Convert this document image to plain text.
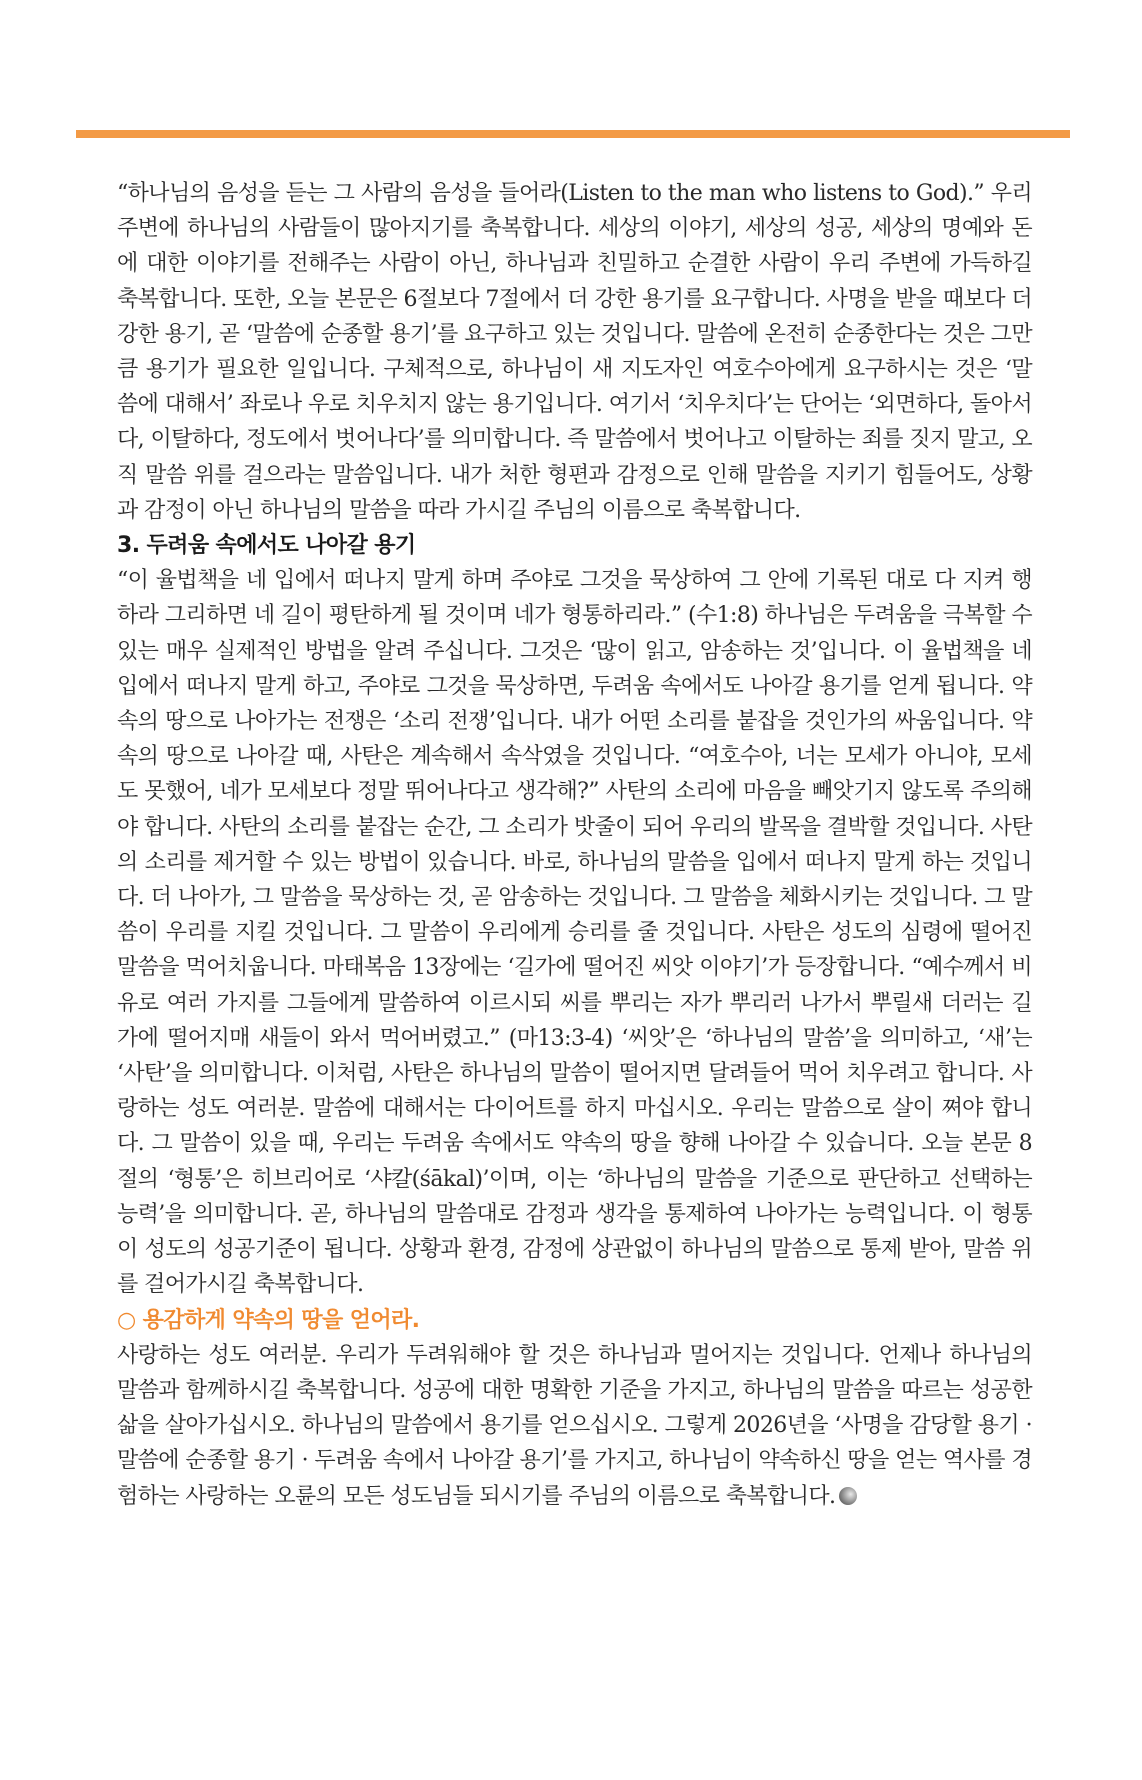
“하나님의 음성을 듣는 그 사람의 음성을 들어라(Listen to the man who listens to God).” 우리 주변에 하나님의 사람들이 많아지기를 축복합니다. 세상의 이야기, 세상의 성공, 세상의 명예와 돈에 대한 이야기를 전해주는 사람이 아닌, 하나님과 친밀하고 순결한 사람이 우리 주변에 가득하길 축복합니다. 또한, 오늘 본문은 6절보다 7절에서 더 강한 용기를 요구합니다. 사명을 받을 때보다 더 강한 용기, 곧 ‘말씀에 순종할 용기’를 요구하고 있는 것입니다. 말씀에 온전히 순종한다는 것은 그만큼 용기가 필요한 일입니다. 구체적으로, 하나님이 새 지도자인 여호수아에게 요구하시는 것은 ‘말씀에 대해서’ 좌로나 우로 치우치지 않는 용기입니다. 여기서 ‘치우치다’는 단어는 ‘외면하다, 돌아서다, 이탈하다, 정도에서 벗어나다’를 의미합니다. 즉 말씀에서 벗어나고 이탈하는 죄를 짓지 말고, 오직 말씀 위를 걸으라는 말씀입니다. 내가 처한 형편과 감정으로 인해 말씀을 지키기 힘들어도, 상황과 감정이 아닌 하나님의 말씀을 따라 가시길 주님의 이름으로 축복합니다.

3. 두려움 속에서도 나아갈 용기

“이 율법책을 네 입에서 떠나지 말게 하며 주야로 그것을 묵상하여 그 안에 기록된 대로 다 지켜 행하라 그리하면 네 길이 평탄하게 될 것이며 네가 형통하리라.” (수1:8) 하나님은 두려움을 극복할 수 있는 매우 실제적인 방법을 알려 주십니다. 그것은 ‘많이 읽고, 암송하는 것’입니다. 이 율법책을 네 입에서 떠나지 말게 하고, 주야로 그것을 묵상하면, 두려움 속에서도 나아갈 용기를 얻게 됩니다. 약속의 땅으로 나아가는 전쟁은 ‘소리 전쟁’입니다. 내가 어떤 소리를 붙잡을 것인가의 싸움입니다. 약속의 땅으로 나아갈 때, 사탄은 계속해서 속삭였을 것입니다. “여호수아, 너는 모세가 아니야, 모세도 못했어, 네가 모세보다 정말 뛰어나다고 생각해?” 사탄의 소리에 마음을 빼앗기지 않도록 주의해야 합니다. 사탄의 소리를 붙잡는 순간, 그 소리가 밧줄이 되어 우리의 발목을 결박할 것입니다. 사탄의 소리를 제거할 수 있는 방법이 있습니다. 바로, 하나님의 말씀을 입에서 떠나지 말게 하는 것입니다. 더 나아가, 그 말씀을 묵상하는 것, 곧 암송하는 것입니다. 그 말씀을 체화시키는 것입니다. 그 말씀이 우리를 지킬 것입니다. 그 말씀이 우리에게 승리를 줄 것입니다. 사탄은 성도의 심령에 떨어진 말씀을 먹어치웁니다. 마태복음 13장에는 ‘길가에 떨어진 씨앗 이야기’가 등장합니다. “예수께서 비유로 여러 가지를 그들에게 말씀하여 이르시되 씨를 뿌리는 자가 뿌리러 나가서 뿌릴새 더러는 길 가에 떨어지매 새들이 와서 먹어버렸고.” (마13:3-4) ‘씨앗’은 ‘하나님의 말씀’을 의미하고, ‘새’는 ‘사탄’을 의미합니다. 이처럼, 사탄은 하나님의 말씀이 떨어지면 달려들어 먹어 치우려고 합니다. 사랑하는 성도 여러분. 말씀에 대해서는 다이어트를 하지 마십시오. 우리는 말씀으로 살이 쪄야 합니다. 그 말씀이 있을 때, 우리는 두려움 속에서도 약속의 땅을 향해 나아갈 수 있습니다. 오늘 본문 8절의 ‘형통’은 히브리어로 ‘샤칼(śākal)’이며, 이는 ‘하나님의 말씀을 기준으로 판단하고 선택하는 능력’을 의미합니다. 곧, 하나님의 말씀대로 감정과 생각을 통제하여 나아가는 능력입니다. 이 형통이 성도의 성공기준이 됩니다. 상황과 환경, 감정에 상관없이 하나님의 말씀으로 통제 받아, 말씀 위를 걸어가시길 축복합니다.

○ 용감하게 약속의 땅을 얻어라.

사랑하는 성도 여러분. 우리가 두려워해야 할 것은 하나님과 멀어지는 것입니다. 언제나 하나님의 말씀과 함께하시길 축복합니다. 성공에 대한 명확한 기준을 가지고, 하나님의 말씀을 따르는 성공한 삶을 살아가십시오. 하나님의 말씀에서 용기를 얻으십시오. 그렇게 2026년을 ‘사명을 감당할 용기 · 말씀에 순종할 용기 · 두려움 속에서 나아갈 용기’를 가지고, 하나님이 약속하신 땅을 얻는 역사를 경험하는 사랑하는 오륜의 모든 성도님들 되시기를 주님의 이름으로 축복합니다.
